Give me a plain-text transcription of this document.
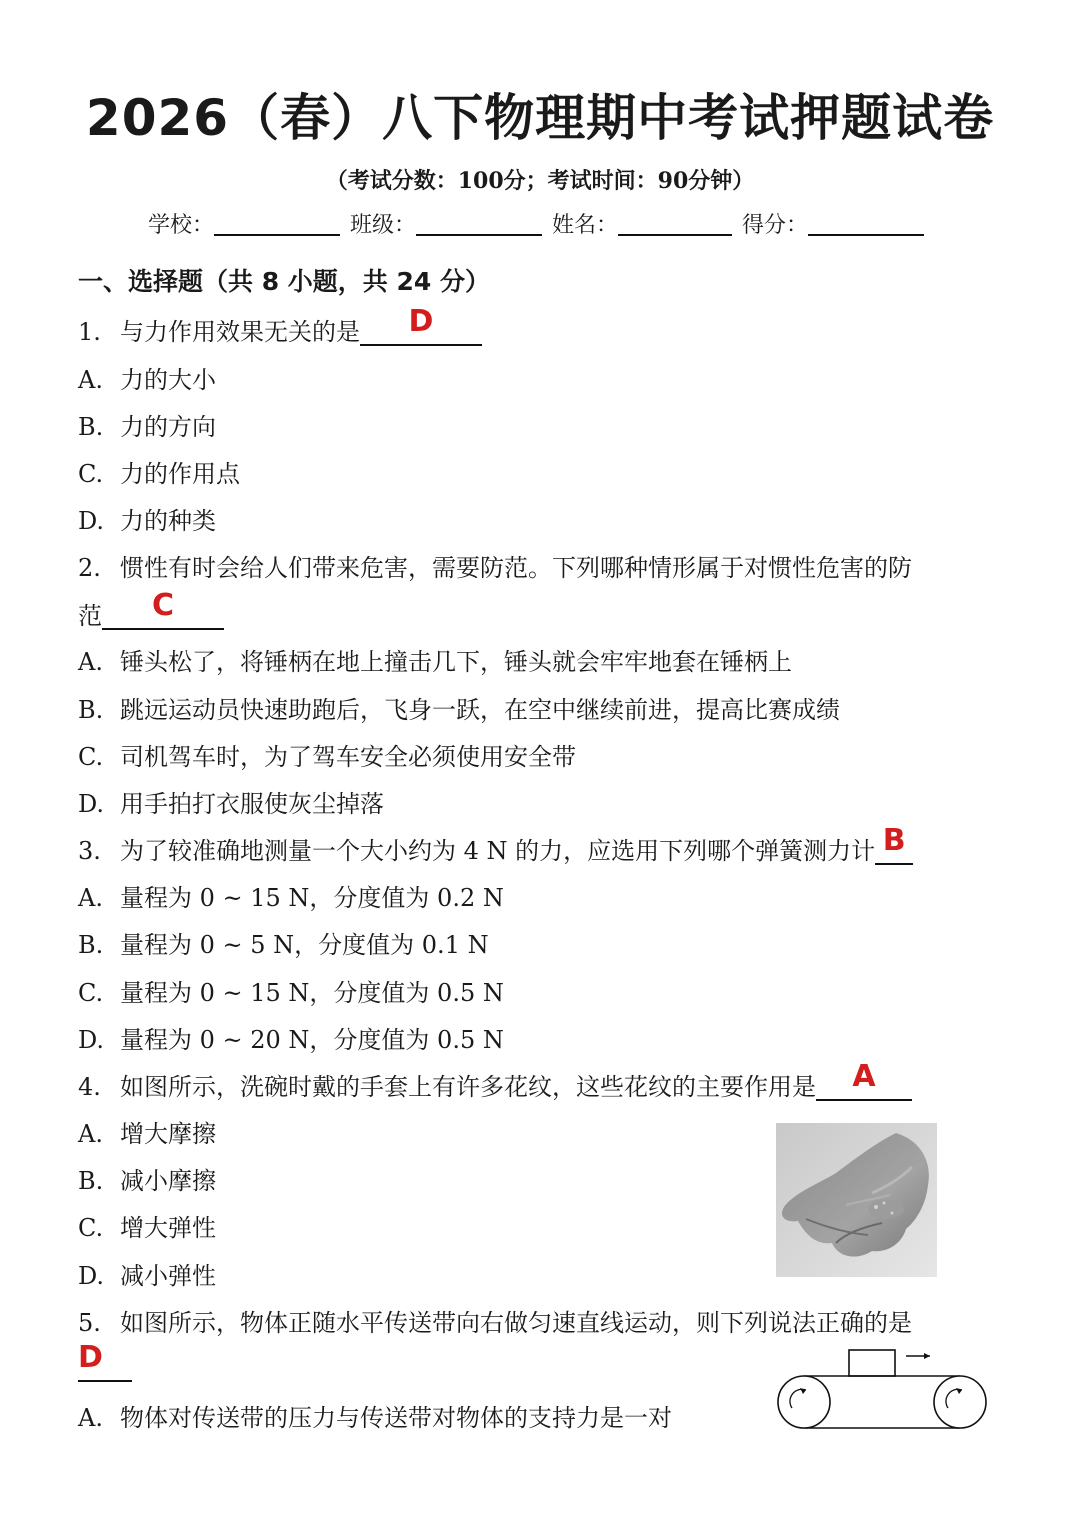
2026（春）八下物理期中考试押题试卷
（考试分数：100分；考试时间：90分钟）
学校：	班级：	姓名：	得分：
一、选择题（共 8 小题，共 24 分）
1. 与力作用效果无关的是	D
A. 力的大小
B. 力的方向
C. 力的作用点
D. 力的种类
2. 惯性有时会给人们带来危害，需要防范。下列哪种情形属于对惯性危害的防
范	C
A. 锤头松了，将锤柄在地上撞击几下，锤头就会牢牢地套在锤柄上
B. 跳远运动员快速助跑后，飞身一跃，在空中继续前进，提高比赛成绩
C. 司机驾车时，为了驾车安全必须使用安全带
D. 用手拍打衣服使灰尘掉落
3. 为了较准确地测量一个大小约为 4 N 的力，应选用下列哪个弹簧测力计 B
A. 量程为 0 ~ 15 N，分度值为 0.2 N
B. 量程为 0 ~ 5 N，分度值为 0.1 N
C. 量程为 0 ~ 15 N，分度值为 0.5 N
D. 量程为 0 ~ 20 N，分度值为 0.5 N
4. 如图所示，洗碗时戴的手套上有许多花纹，这些花纹的主要作用是	A
A. 增大摩擦
B. 减小摩擦
C. 增大弹性
D. 减小弹性
5. 如图所示，物体正随水平传送带向右做匀速直线运动，则下列说法正确的是
D
A. 物体对传送带的压力与传送带对物体的支持力是一对
